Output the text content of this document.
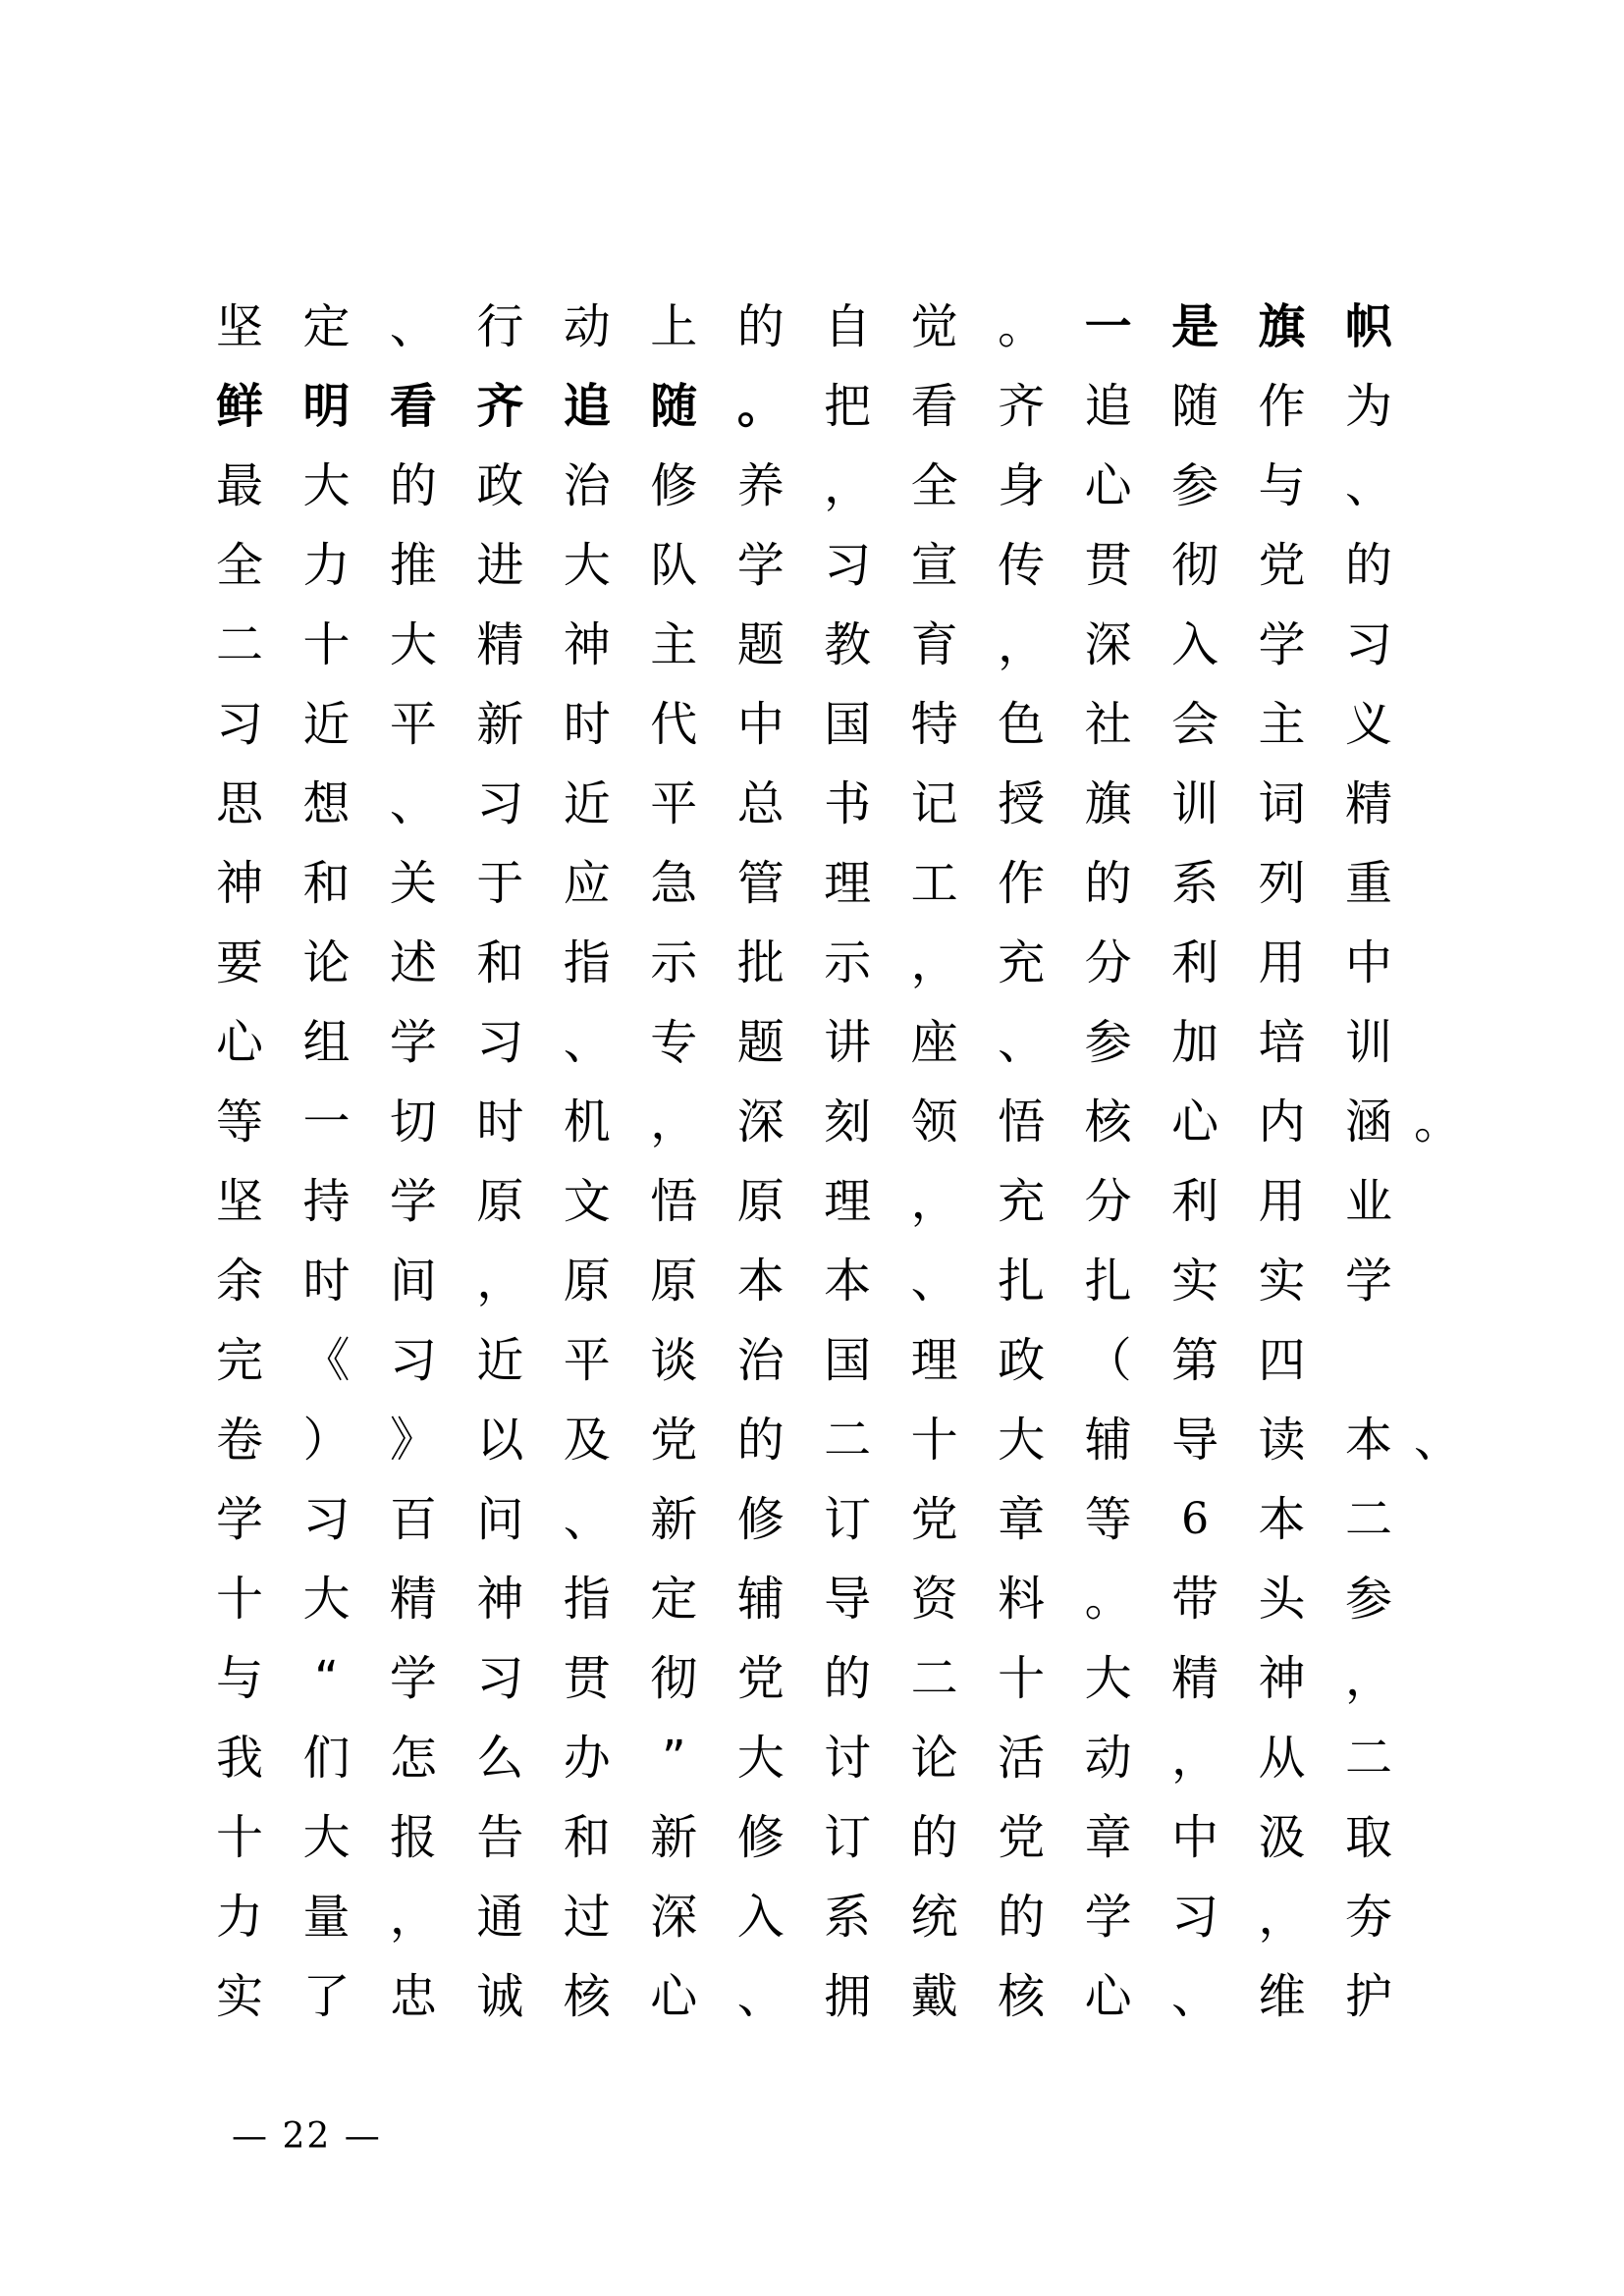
坚 定 、 行 动 上 的 自 觉 。 一 是 旗 帜
鲜 明 看 齐 追 随 。 把 看 齐 追 随 作 为
最 大 的 政 治 修 养 ， 全 身 心 参 与 、
全 力 推 进 大 队 学 习 宣 传 贯 彻 党 的
二 十 大 精 神 主 题 教 育 ， 深 入 学 习
习 近 平 新 时 代 中 国 特 色 社 会 主 义
思 想 、 习 近 平 总 书 记 授 旗 训 词 精
神 和 关 于 应 急 管 理 工 作 的 系 列 重
要 论 述 和 指 示 批 示 ， 充 分 利 用 中
心 组 学 习 、 专 题 讲 座 、 参 加 培 训
等 一 切 时 机 ， 深 刻 领 悟 核 心 内 涵 。
坚 持 学 原 文 悟 原 理 ， 充 分 利 用 业
余 时 间 ， 原 原 本 本 、 扎 扎 实 实 学
完 《 习 近 平 谈 治 国 理 政 （ 第 四
卷 ） 》 以 及 党 的 二 十 大 辅 导 读 本 、
学 习 百 问 、 新 修 订 党 章 等	6	本 二
十 大 精 神 指 定 辅 导 资 料 。 带 头 参
与	“	学 习 贯 彻 党 的 二 十 大 精 神 ，
我 们 怎 么 办	”	大 讨 论 活 动 ， 从 二
十 大 报 告 和 新 修 订 的 党 章 中 汲 取
力 量 ， 通 过 深 入 系 统 的 学 习 ， 夯
实 了 忠 诚 核 心 、 拥 戴 核 心 、 维 护
— 22 —
